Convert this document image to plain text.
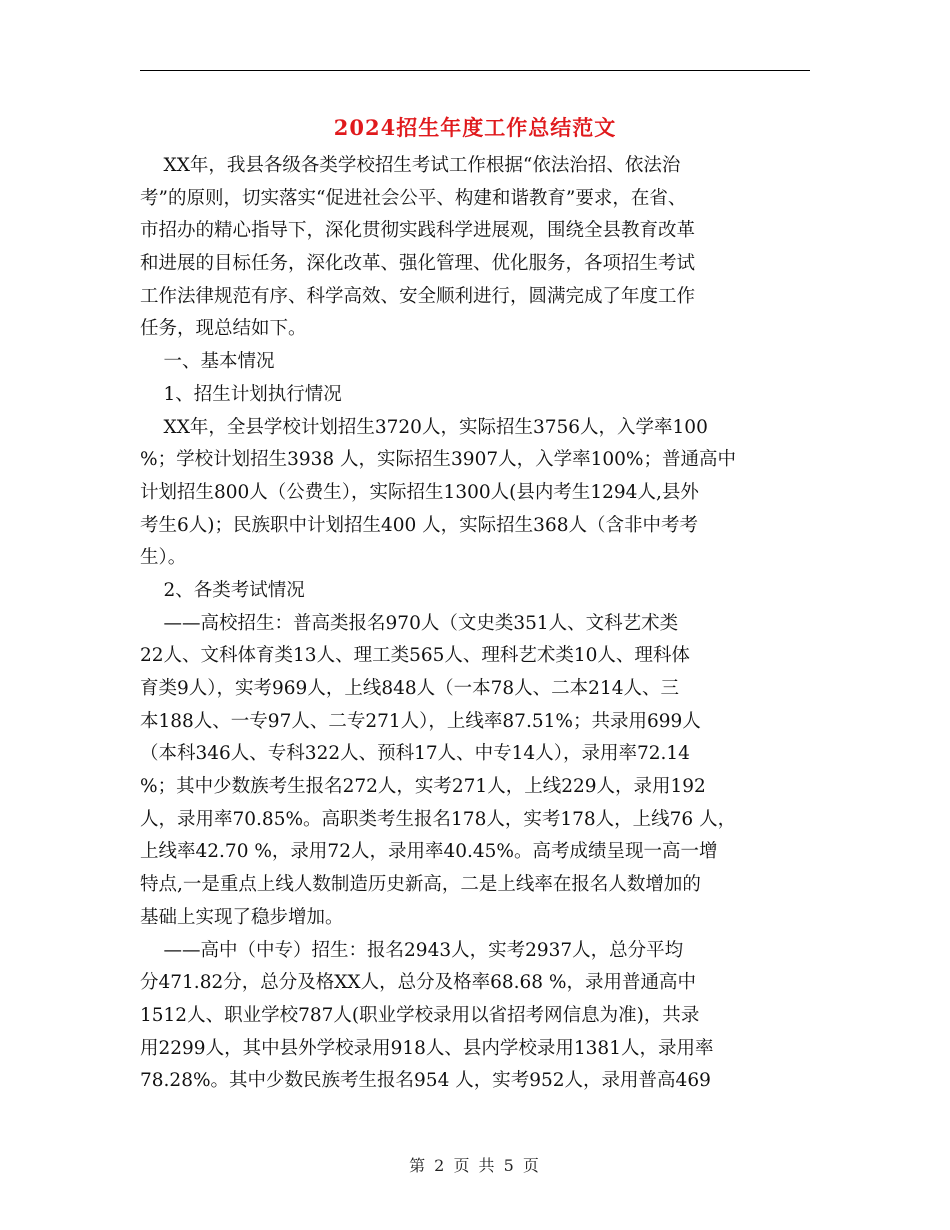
2024招生年度工作总结范文
XX年，我县各级各类学校招生考试工作根据“依法治招、依法治
考”的原则，切实落实“促进社会公平、构建和谐教育”要求，在省、
市招办的精心指导下，深化贯彻实践科学进展观，围绕全县教育改革
和进展的目标任务，深化改革、强化管理、优化服务，各项招生考试
工作法律规范有序、科学高效、安全顺利进行，圆满完成了年度工作
任务，现总结如下。
一、基本情况
1、招生计划执行情况
XX年，全县学校计划招生3720人，实际招生3756人，入学率100
%；学校计划招生3938 人，实际招生3907人，入学率100%；普通高中
计划招生800人（公费生），实际招生1300人(县内考生1294人,县外
考生6人)；民族职中计划招生400 人，实际招生368人（含非中考考
生）。
2、各类考试情况
——高校招生：普高类报名970人（文史类351人、文科艺术类
22人、文科体育类13人、理工类565人、理科艺术类10人、理科体
育类9人），实考969人，上线848人（一本78人、二本214人、三
本188人、一专97人、二专271人），上线率87.51%；共录用699人
（本科346人、专科322人、预科17人、中专14人），录用率72.14
%；其中少数族考生报名272人，实考271人，上线229人，录用192
人，录用率70.85%。高职类考生报名178人，实考178人，上线76 人，
上线率42.70 %，录用72人，录用率40.45%。高考成绩呈现一高一增
特点,一是重点上线人数制造历史新高，二是上线率在报名人数增加的
基础上实现了稳步增加。
——高中（中专）招生：报名2943人，实考2937人，总分平均
分471.82分，总分及格XX人，总分及格率68.68 %，录用普通高中
1512人、职业学校787人(职业学校录用以省招考网信息为准)，共录
用2299人，其中县外学校录用918人、县内学校录用1381人，录用率
78.28%。其中少数民族考生报名954 人，实考952人，录用普高469
第 2 页 共 5 页
